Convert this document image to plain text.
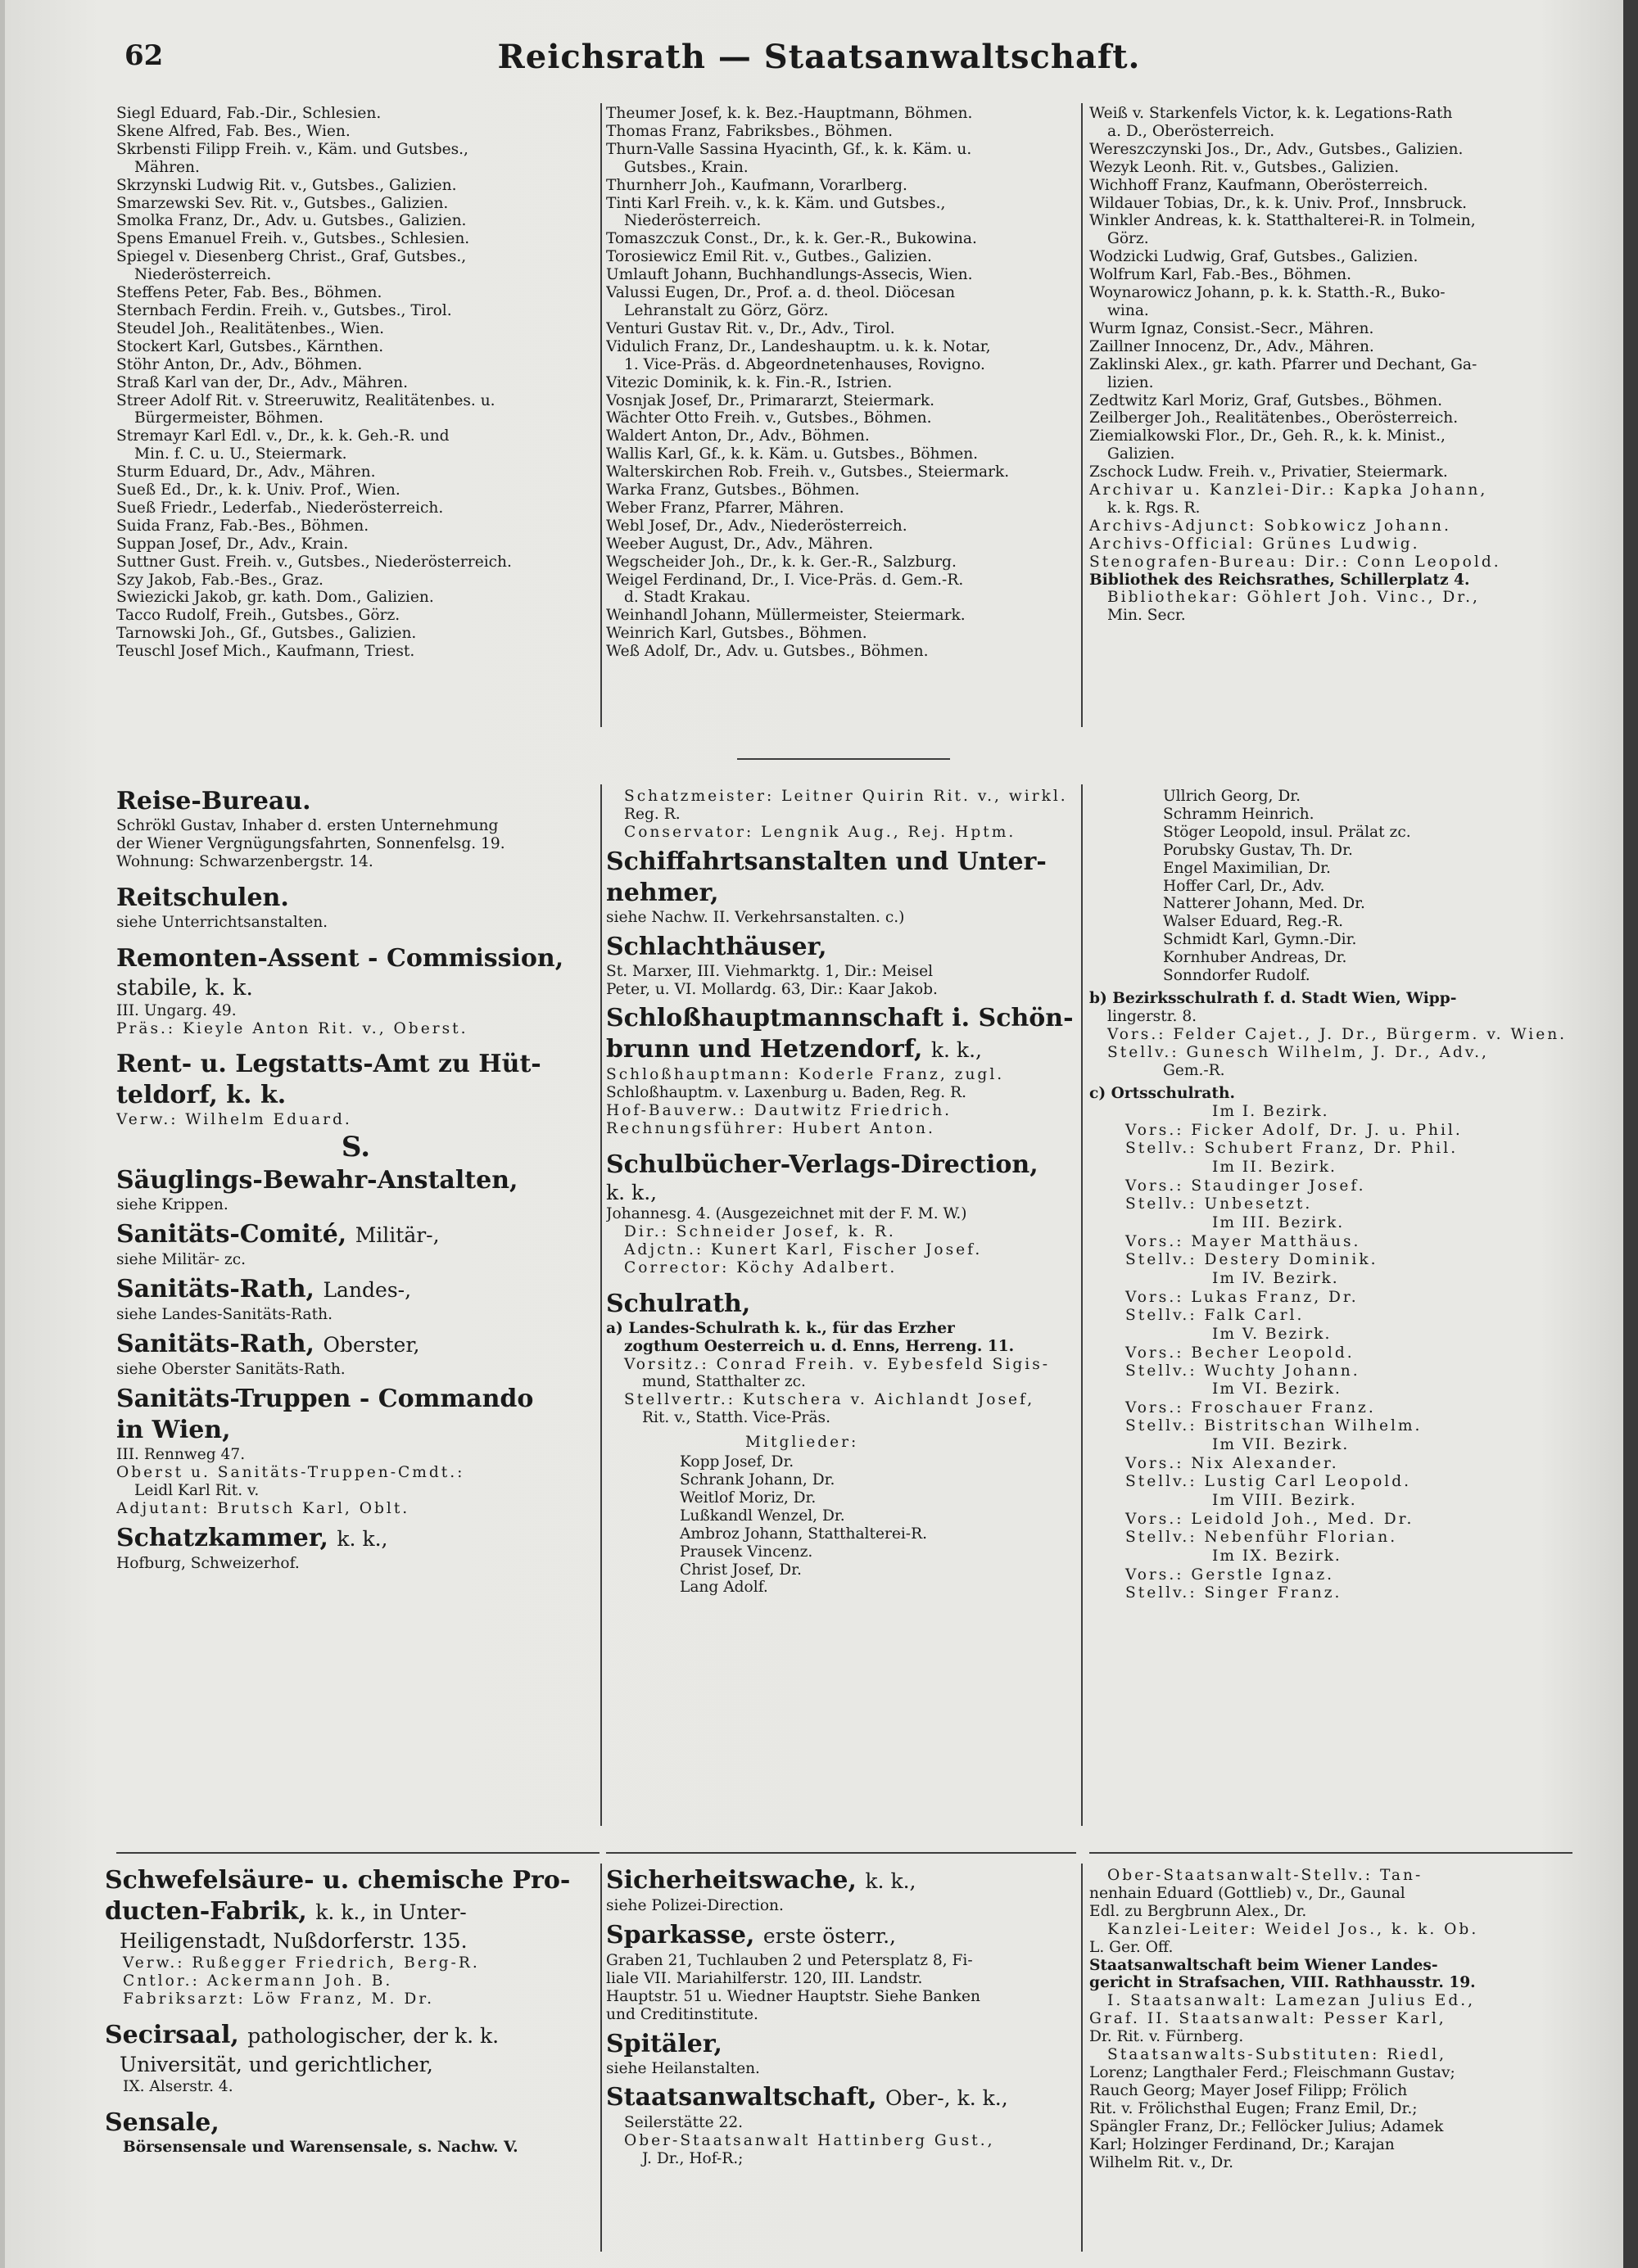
62	Reichsrath — Staatsanwaltschaft.
Siegl Eduard, Fab.-Dir., Schlesien.
Skene Alfred, Fab. Bes., Wien.
Skrbensti Filipp Freih. v., Käm. und Gutsbes.,
Mähren.
Skrzynski Ludwig Rit. v., Gutsbes., Galizien.
Smarzewski Sev. Rit. v., Gutsbes., Galizien.
Smolka Franz, Dr., Adv. u. Gutsbes., Galizien.
Spens Emanuel Freih. v., Gutsbes., Schlesien.
Spiegel v. Diesenberg Christ., Graf, Gutsbes.,
Niederösterreich.
Steffens Peter, Fab. Bes., Böhmen.
Sternbach Ferdin. Freih. v., Gutsbes., Tirol.
Steudel Joh., Realitätenbes., Wien.
Stockert Karl, Gutsbes., Kärnthen.
Stöhr Anton, Dr., Adv., Böhmen.
Straß Karl van der, Dr., Adv., Mähren.
Streer Adolf Rit. v. Streeruwitz, Realitätenbes. u.
Bürgermeister, Böhmen.
Stremayr Karl Edl. v., Dr., k. k. Geh.-R. und
Min. f. C. u. U., Steiermark.
Sturm Eduard, Dr., Adv., Mähren.
Sueß Ed., Dr., k. k. Univ. Prof., Wien.
Sueß Friedr., Lederfab., Niederösterreich.
Suida Franz, Fab.-Bes., Böhmen.
Suppan Josef, Dr., Adv., Krain.
Suttner Gust. Freih. v., Gutsbes., Niederösterreich.
Szy Jakob, Fab.-Bes., Graz.
Swiezicki Jakob, gr. kath. Dom., Galizien.
Tacco Rudolf, Freih., Gutsbes., Görz.
Tarnowski Joh., Gf., Gutsbes., Galizien.
Teuschl Josef Mich., Kaufmann, Triest.
Theumer Josef, k. k. Bez.-Hauptmann, Böhmen.
Thomas Franz, Fabriksbes., Böhmen.
Thurn-Valle Sassina Hyacinth, Gf., k. k. Käm. u.
Gutsbes., Krain.
Thurnherr Joh., Kaufmann, Vorarlberg.
Tinti Karl Freih. v., k. k. Käm. und Gutsbes.,
Niederösterreich.
Tomaszczuk Const., Dr., k. k. Ger.-R., Bukowina.
Torosiewicz Emil Rit. v., Gutbes., Galizien.
Umlauft Johann, Buchhandlungs-Assecis, Wien.
Valussi Eugen, Dr., Prof. a. d. theol. Diöcesan
Lehranstalt zu Görz, Görz.
Venturi Gustav Rit. v., Dr., Adv., Tirol.
Vidulich Franz, Dr., Landeshauptm. u. k. k. Notar,
1. Vice-Präs. d. Abgeordnetenhauses, Rovigno.
Vitezic Dominik, k. k. Fin.-R., Istrien.
Vosnjak Josef, Dr., Primararzt, Steiermark.
Wächter Otto Freih. v., Gutsbes., Böhmen.
Waldert Anton, Dr., Adv., Böhmen.
Wallis Karl, Gf., k. k. Käm. u. Gutsbes., Böhmen.
Walterskirchen Rob. Freih. v., Gutsbes., Steiermark.
Warka Franz, Gutsbes., Böhmen.
Weber Franz, Pfarrer, Mähren.
Webl Josef, Dr., Adv., Niederösterreich.
Weeber August, Dr., Adv., Mähren.
Wegscheider Joh., Dr., k. k. Ger.-R., Salzburg.
Weigel Ferdinand, Dr., I. Vice-Präs. d. Gem.-R.
d. Stadt Krakau.
Weinhandl Johann, Müllermeister, Steiermark.
Weinrich Karl, Gutsbes., Böhmen.
Weß Adolf, Dr., Adv. u. Gutsbes., Böhmen.
Weiß v. Starkenfels Victor, k. k. Legations-Rath
a. D., Oberösterreich.
Wereszczynski Jos., Dr., Adv., Gutsbes., Galizien.
Wezyk Leonh. Rit. v., Gutsbes., Galizien.
Wichhoff Franz, Kaufmann, Oberösterreich.
Wildauer Tobias, Dr., k. k. Univ. Prof., Innsbruck.
Winkler Andreas, k. k. Statthalterei-R. in Tolmein,
Görz.
Wodzicki Ludwig, Graf, Gutsbes., Galizien.
Wolfrum Karl, Fab.-Bes., Böhmen.
Woynarowicz Johann, p. k. k. Statth.-R., Buko-
wina.
Wurm Ignaz, Consist.-Secr., Mähren.
Zaillner Innocenz, Dr., Adv., Mähren.
Zaklinski Alex., gr. kath. Pfarrer und Dechant, Ga-
lizien.
Zedtwitz Karl Moriz, Graf, Gutsbes., Böhmen.
Zeilberger Joh., Realitätenbes., Oberösterreich.
Ziemialkowski Flor., Dr., Geh. R., k. k. Minist.,
Galizien.
Zschock Ludw. Freih. v., Privatier, Steiermark.
Archivar u. Kanzlei-Dir.: Kapka Johann,
k. k. Rgs. R.
Archivs-Adjunct: Sobkowicz Johann.
Archivs-Official: Grünes Ludwig.
Stenografen-Bureau: Dir.: Conn Leopold.
Bibliothek des Reichsrathes, Schillerplatz 4.
Bibliothekar: Göhlert Joh. Vinc., Dr.,
Min. Secr.
Reise-Bureau.
Schrökl Gustav, Inhaber d. ersten Unternehmung
der Wiener Vergnügungsfahrten, Sonnenfelsg. 19.
Wohnung: Schwarzenbergstr. 14.
Reitschulen.
siehe Unterrichtsanstalten.
Remonten-Assent - Commission,
stabile, k. k.
III. Ungarg. 49.
Präs.: Kieyle Anton Rit. v., Oberst.
Rent- u. Legstatts-Amt zu Hüt-
teldorf, k. k.
Verw.: Wilhelm Eduard.
S.
Säuglings-Bewahr-Anstalten,
siehe Krippen.
Sanitäts-Comité, Militär-,
siehe Militär- zc.
Sanitäts-Rath, Landes-,
siehe Landes-Sanitäts-Rath.
Sanitäts-Rath, Oberster,
siehe Oberster Sanitäts-Rath.
Sanitäts-Truppen - Commando
in Wien,
III. Rennweg 47.
Oberst u. Sanitäts-Truppen-Cmdt.:
Leidl Karl Rit. v.
Adjutant: Brutsch Karl, Oblt.
Schatzkammer, k. k.,
Hofburg, Schweizerhof.
Schatzmeister: Leitner Quirin Rit. v., wirkl.
Reg. R.
Conservator: Lengnik Aug., Rej. Hptm.
Schiffahrtsanstalten und Unter-
nehmer,
siehe Nachw. II. Verkehrsanstalten. c.)
Schlachthäuser,
St. Marxer, III. Viehmarktg. 1, Dir.: Meisel
Peter, u. VI. Mollardg. 63, Dir.: Kaar Jakob.
Schloßhauptmannschaft i. Schön-
brunn und Hetzendorf, k. k.,
Schloßhauptmann: Koderle Franz, zugl.
Schloßhauptm. v. Laxenburg u. Baden, Reg. R.
Hof-Bauverw.: Dautwitz Friedrich.
Rechnungsführer: Hubert Anton.
Schulbücher-Verlags-Direction,
k. k.,
Johannesg. 4. (Ausgezeichnet mit der F. M. W.)
Dir.: Schneider Josef, k. R.
Adjctn.: Kunert Karl, Fischer Josef.
Corrector: Köchy Adalbert.
Schulrath,
a) Landes-Schulrath k. k., für das Erzher
zogthum Oesterreich u. d. Enns, Herreng. 11.
Vorsitz.: Conrad Freih. v. Eybesfeld Sigis-
mund, Statthalter zc.
Stellvertr.: Kutschera v. Aichlandt Josef,
Rit. v., Statth. Vice-Präs.
Mitglieder:
Kopp Josef, Dr.
Schrank Johann, Dr.
Weitlof Moriz, Dr.
Lußkandl Wenzel, Dr.
Ambroz Johann, Statthalterei-R.
Prausek Vincenz.
Christ Josef, Dr.
Lang Adolf.
Ullrich Georg, Dr.
Schramm Heinrich.
Stöger Leopold, insul. Prälat zc.
Porubsky Gustav, Th. Dr.
Engel Maximilian, Dr.
Hoffer Carl, Dr., Adv.
Natterer Johann, Med. Dr.
Walser Eduard, Reg.-R.
Schmidt Karl, Gymn.-Dir.
Kornhuber Andreas, Dr.
Sonndorfer Rudolf.
b) Bezirksschulrath f. d. Stadt Wien, Wipp-
lingerstr. 8.
Vors.: Felder Cajet., J. Dr., Bürgerm. v. Wien.
Stellv.: Gunesch Wilhelm, J. Dr., Adv.,
Gem.-R.
c) Ortsschulrath.
Im I. Bezirk.
Vors.: Ficker Adolf, Dr. J. u. Phil.
Stellv.: Schubert Franz, Dr. Phil.
Im II. Bezirk.
Vors.: Staudinger Josef.
Stellv.: Unbesetzt.
Im III. Bezirk.
Vors.: Mayer Matthäus.
Stellv.: Destery Dominik.
Im IV. Bezirk.
Vors.: Lukas Franz, Dr.
Stellv.: Falk Carl.
Im V. Bezirk.
Vors.: Becher Leopold.
Stellv.: Wuchty Johann.
Im VI. Bezirk.
Vors.: Froschauer Franz.
Stellv.: Bistritschan Wilhelm.
Im VII. Bezirk.
Vors.: Nix Alexander.
Stellv.: Lustig Carl Leopold.
Im VIII. Bezirk.
Vors.: Leidold Joh., Med. Dr.
Stellv.: Nebenführ Florian.
Im IX. Bezirk.
Vors.: Gerstle Ignaz.
Stellv.: Singer Franz.
Schwefelsäure- u. chemische Pro-
ducten-Fabrik, k. k., in Unter-
Heiligenstadt, Nußdorferstr. 135.
Verw.: Rußegger Friedrich, Berg-R.
Cntlor.: Ackermann Joh. B.
Fabriksarzt: Löw Franz, M. Dr.
Secirsaal, pathologischer, der k. k.
Universität, und gerichtlicher,
IX. Alserstr. 4.
Sensale,
Börsensensale und Warensensale, s. Nachw. V.
Sicherheitswache, k. k.,
siehe Polizei-Direction.
Sparkasse, erste österr.,
Graben 21, Tuchlauben 2 und Petersplatz 8, Fi-
liale VII. Mariahilferstr. 120, III. Landstr.
Hauptstr. 51 u. Wiedner Hauptstr. Siehe Banken
und Creditinstitute.
Spitäler,
siehe Heilanstalten.
Staatsanwaltschaft, Ober-, k. k.,
Seilerstätte 22.
Ober-Staatsanwalt Hattinberg Gust.,
J. Dr., Hof-R.;
Ober-Staatsanwalt-Stellv.: Tan-
nenhain Eduard (Gottlieb) v., Dr., Gaunal
Edl. zu Bergbrunn Alex., Dr.
Kanzlei-Leiter: Weidel Jos., k. k. Ob.
L. Ger. Off.
Staatsanwaltschaft beim Wiener Landes-
gericht in Strafsachen, VIII. Rathhausstr. 19.
I. Staatsanwalt: Lamezan Julius Ed.,
Graf. II. Staatsanwalt: Pesser Karl,
Dr. Rit. v. Fürnberg.
Staatsanwalts-Substituten: Riedl,
Lorenz; Langthaler Ferd.; Fleischmann Gustav;
Rauch Georg; Mayer Josef Filipp; Frölich
Rit. v. Frölichsthal Eugen; Franz Emil, Dr.;
Spängler Franz, Dr.; Fellöcker Julius; Adamek
Karl; Holzinger Ferdinand, Dr.; Karajan
Wilhelm Rit. v., Dr.
